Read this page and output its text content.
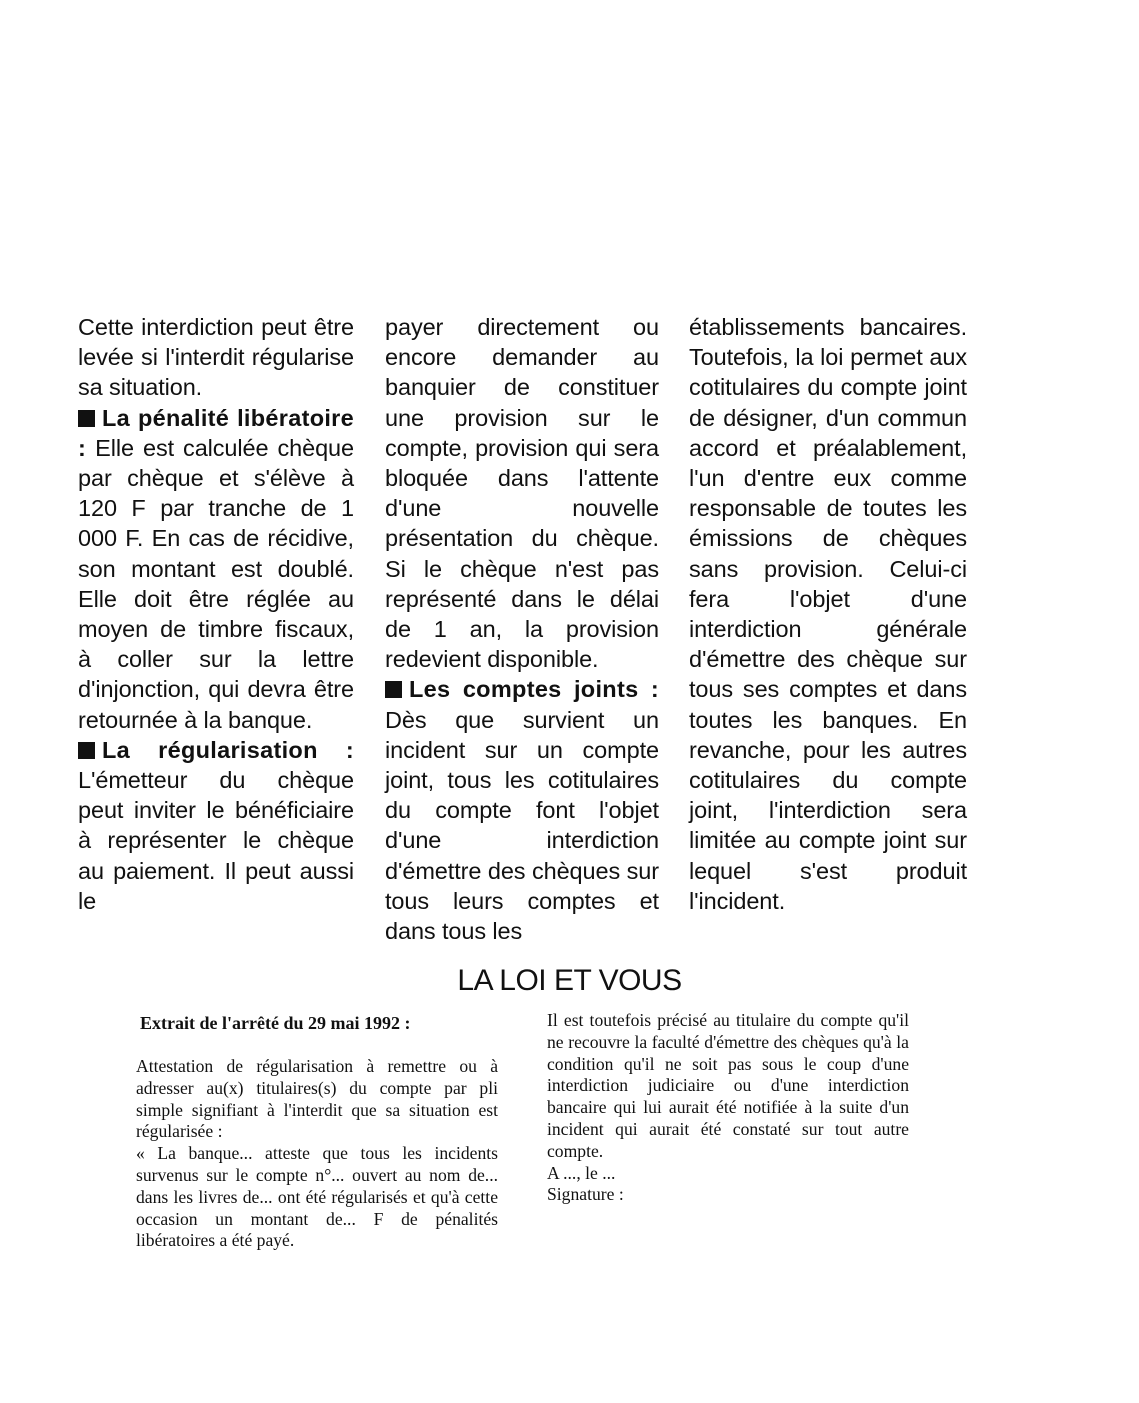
Cette interdiction peut être levée si l'interdit régularise sa situation.

La pénalité libératoire : Elle est calculée chèque par chèque et s'élève à 120 F par tranche de 1 000 F. En cas de récidive, son montant est doublé. Elle doit être réglée au moyen de timbre fiscaux, à coller sur la lettre d'injonction, qui devra être retournée à la banque.

La régularisation : L'émetteur du chèque peut inviter le bénéficiaire à représenter le chèque au paiement. Il peut aussi le

payer directement ou encore demander au banquier de constituer une provision sur le compte, provision qui sera bloquée dans l'attente d'une nouvelle présentation du chèque. Si le chèque n'est pas représenté dans le délai de 1 an, la provision redevient disponible.

Les comptes joints : Dès que survient un incident sur un compte joint, tous les cotitulaires du compte font l'objet d'une interdiction d'émettre des chèques sur tous leurs comptes et dans tous les

établissements bancaires. Toutefois, la loi permet aux cotitulaires du compte joint de désigner, d'un commun accord et préalablement, l'un d'entre eux comme responsable de toutes les émissions de chèques sans provision. Celui-ci fera l'objet d'une interdiction générale d'émettre des chèque sur tous ses comptes et dans toutes les banques. En revanche, pour les autres cotitulaires du compte joint, l'interdiction sera limitée au compte joint sur lequel s'est produit l'incident.

LA LOI ET VOUS
Extrait de l'arrêté du 29 mai 1992 :

Attestation de régularisation à remettre ou à adresser au(x) titulaires(s) du compte par pli simple signifiant à l'interdit que sa situation est régularisée :

« La banque... atteste que tous les incidents survenus sur le compte n°... ouvert au nom de... dans les livres de... ont été régularisés et qu'à cette occasion un montant de... F de pénalités libératoires a été payé.

Il est toutefois précisé au titulaire du compte qu'il ne recouvre la faculté d'émettre des chèques qu'à la condition qu'il ne soit pas sous le coup d'une interdiction judiciaire ou d'une interdiction bancaire qui lui aurait été notifiée à la suite d'un incident qui aurait été constaté sur tout autre compte.

A ..., le ...

Signature :
